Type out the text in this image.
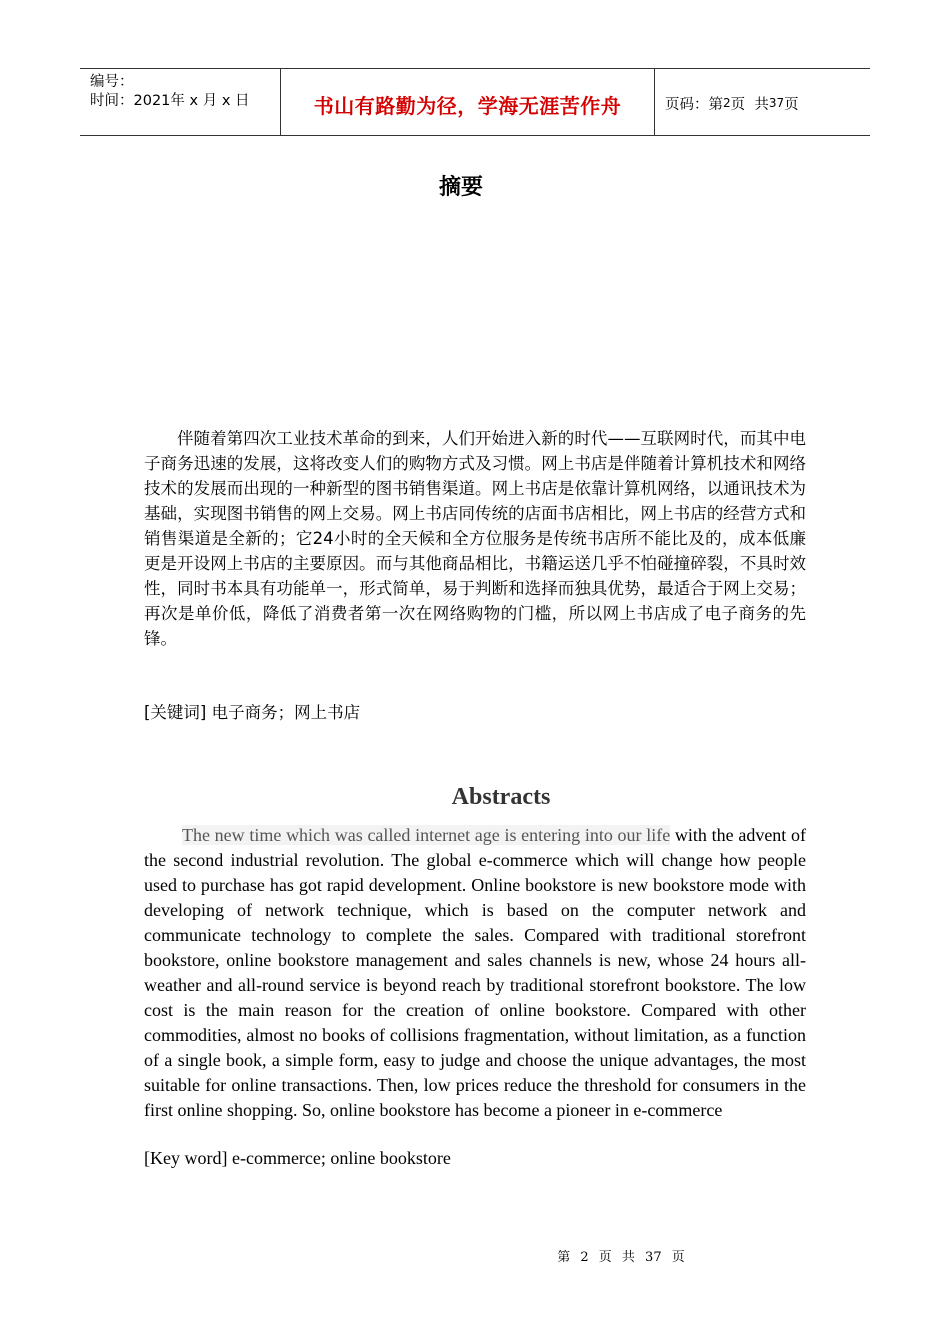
编号：
时间：2021年 x 月 x 日	书山有路勤为径，学海无涯苦作舟	页码：第 2 页  共 37 页
摘要
伴随着第四次工业技术革命的到来，人们开始进入新的时代——互联网时代，而其中电子商务迅速的发展，这将改变人们的购物方式及习惯。网上书店是伴随着计算机技术和网络技术的发展而出现的一种新型的图书销售渠道。网上书店是依靠计算机网络，以通讯技术为基础，实现图书销售的网上交易。网上书店同传统的店面书店相比，网上书店的经营方式和销售渠道是全新的；它24小时的全天候和全方位服务是传统书店所不能比及的，成本低廉更是开设网上书店的主要原因。而与其他商品相比，书籍运送几乎不怕碰撞碎裂，不具时效性，同时书本具有功能单一，形式简单，易于判断和选择而独具优势，最适合于网上交易；再次是单价低，降低了消费者第一次在网络购物的门槛，所以网上书店成了电子商务的先锋。
[关键词] 电子商务；网上书店
Abstracts
The new time which was called internet age is entering into our life with the advent of the second industrial revolution. The global e-commerce which will change how people used to purchase has got rapid development. Online bookstore is new bookstore mode with developing of network technique, which is based on the computer network and communicate technology to complete the sales. Compared with traditional storefront bookstore, online bookstore management and sales channels is new, whose 24 hours all-weather and all-round service is beyond reach by traditional storefront bookstore. The low cost is the main reason for the creation of online bookstore. Compared with other commodities, almost no books of collisions fragmentation, without limitation, as a function of a single book, a simple form, easy to judge and choose the unique advantages, the most suitable for online transactions. Then, low prices reduce the threshold for consumers in the first online shopping. So, online bookstore has become a pioneer in e-commerce
[Key word] e-commerce; online bookstore
第 2 页 共 37 页
